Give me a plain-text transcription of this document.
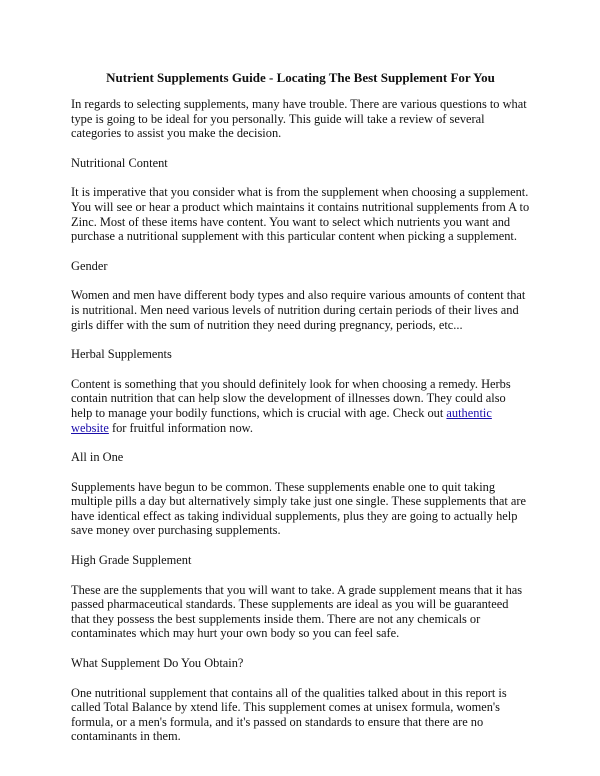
Nutrient Supplements Guide - Locating The Best Supplement For You

In regards to selecting supplements, many have trouble. There are various questions to what type is going to be ideal for you personally. This guide will take a review of several categories to assist you make the decision.

Nutritional Content

It is imperative that you consider what is from the supplement when choosing a supplement. You will see or hear a product which maintains it contains nutritional supplements from A to Zinc. Most of these items have content. You want to select which nutrients you want and purchase a nutritional supplement with this particular content when picking a supplement.

Gender

Women and men have different body types and also require various amounts of content that is nutritional. Men need various levels of nutrition during certain periods of their lives and girls differ with the sum of nutrition they need during pregnancy, periods, etc...

Herbal Supplements

Content is something that you should definitely look for when choosing a remedy. Herbs contain nutrition that can help slow the development of illnesses down. They could also help to manage your bodily functions, which is crucial with age. Check out authentic website for fruitful information now.

All in One

Supplements have begun to be common. These supplements enable one to quit taking multiple pills a day but alternatively simply take just one single. These supplements that are have identical effect as taking individual supplements, plus they are going to actually help save money over purchasing supplements.

High Grade Supplement

These are the supplements that you will want to take. A grade supplement means that it has passed pharmaceutical standards. These supplements are ideal as you will be guaranteed that they possess the best supplements inside them. There are not any chemicals or contaminates which may hurt your own body so you can feel safe.

What Supplement Do You Obtain?

One nutritional supplement that contains all of the qualities talked about in this report is called Total Balance by xtend life. This supplement comes at unisex formula, women's formula, or a men's formula, and it's passed on standards to ensure that there are no contaminants in them.
